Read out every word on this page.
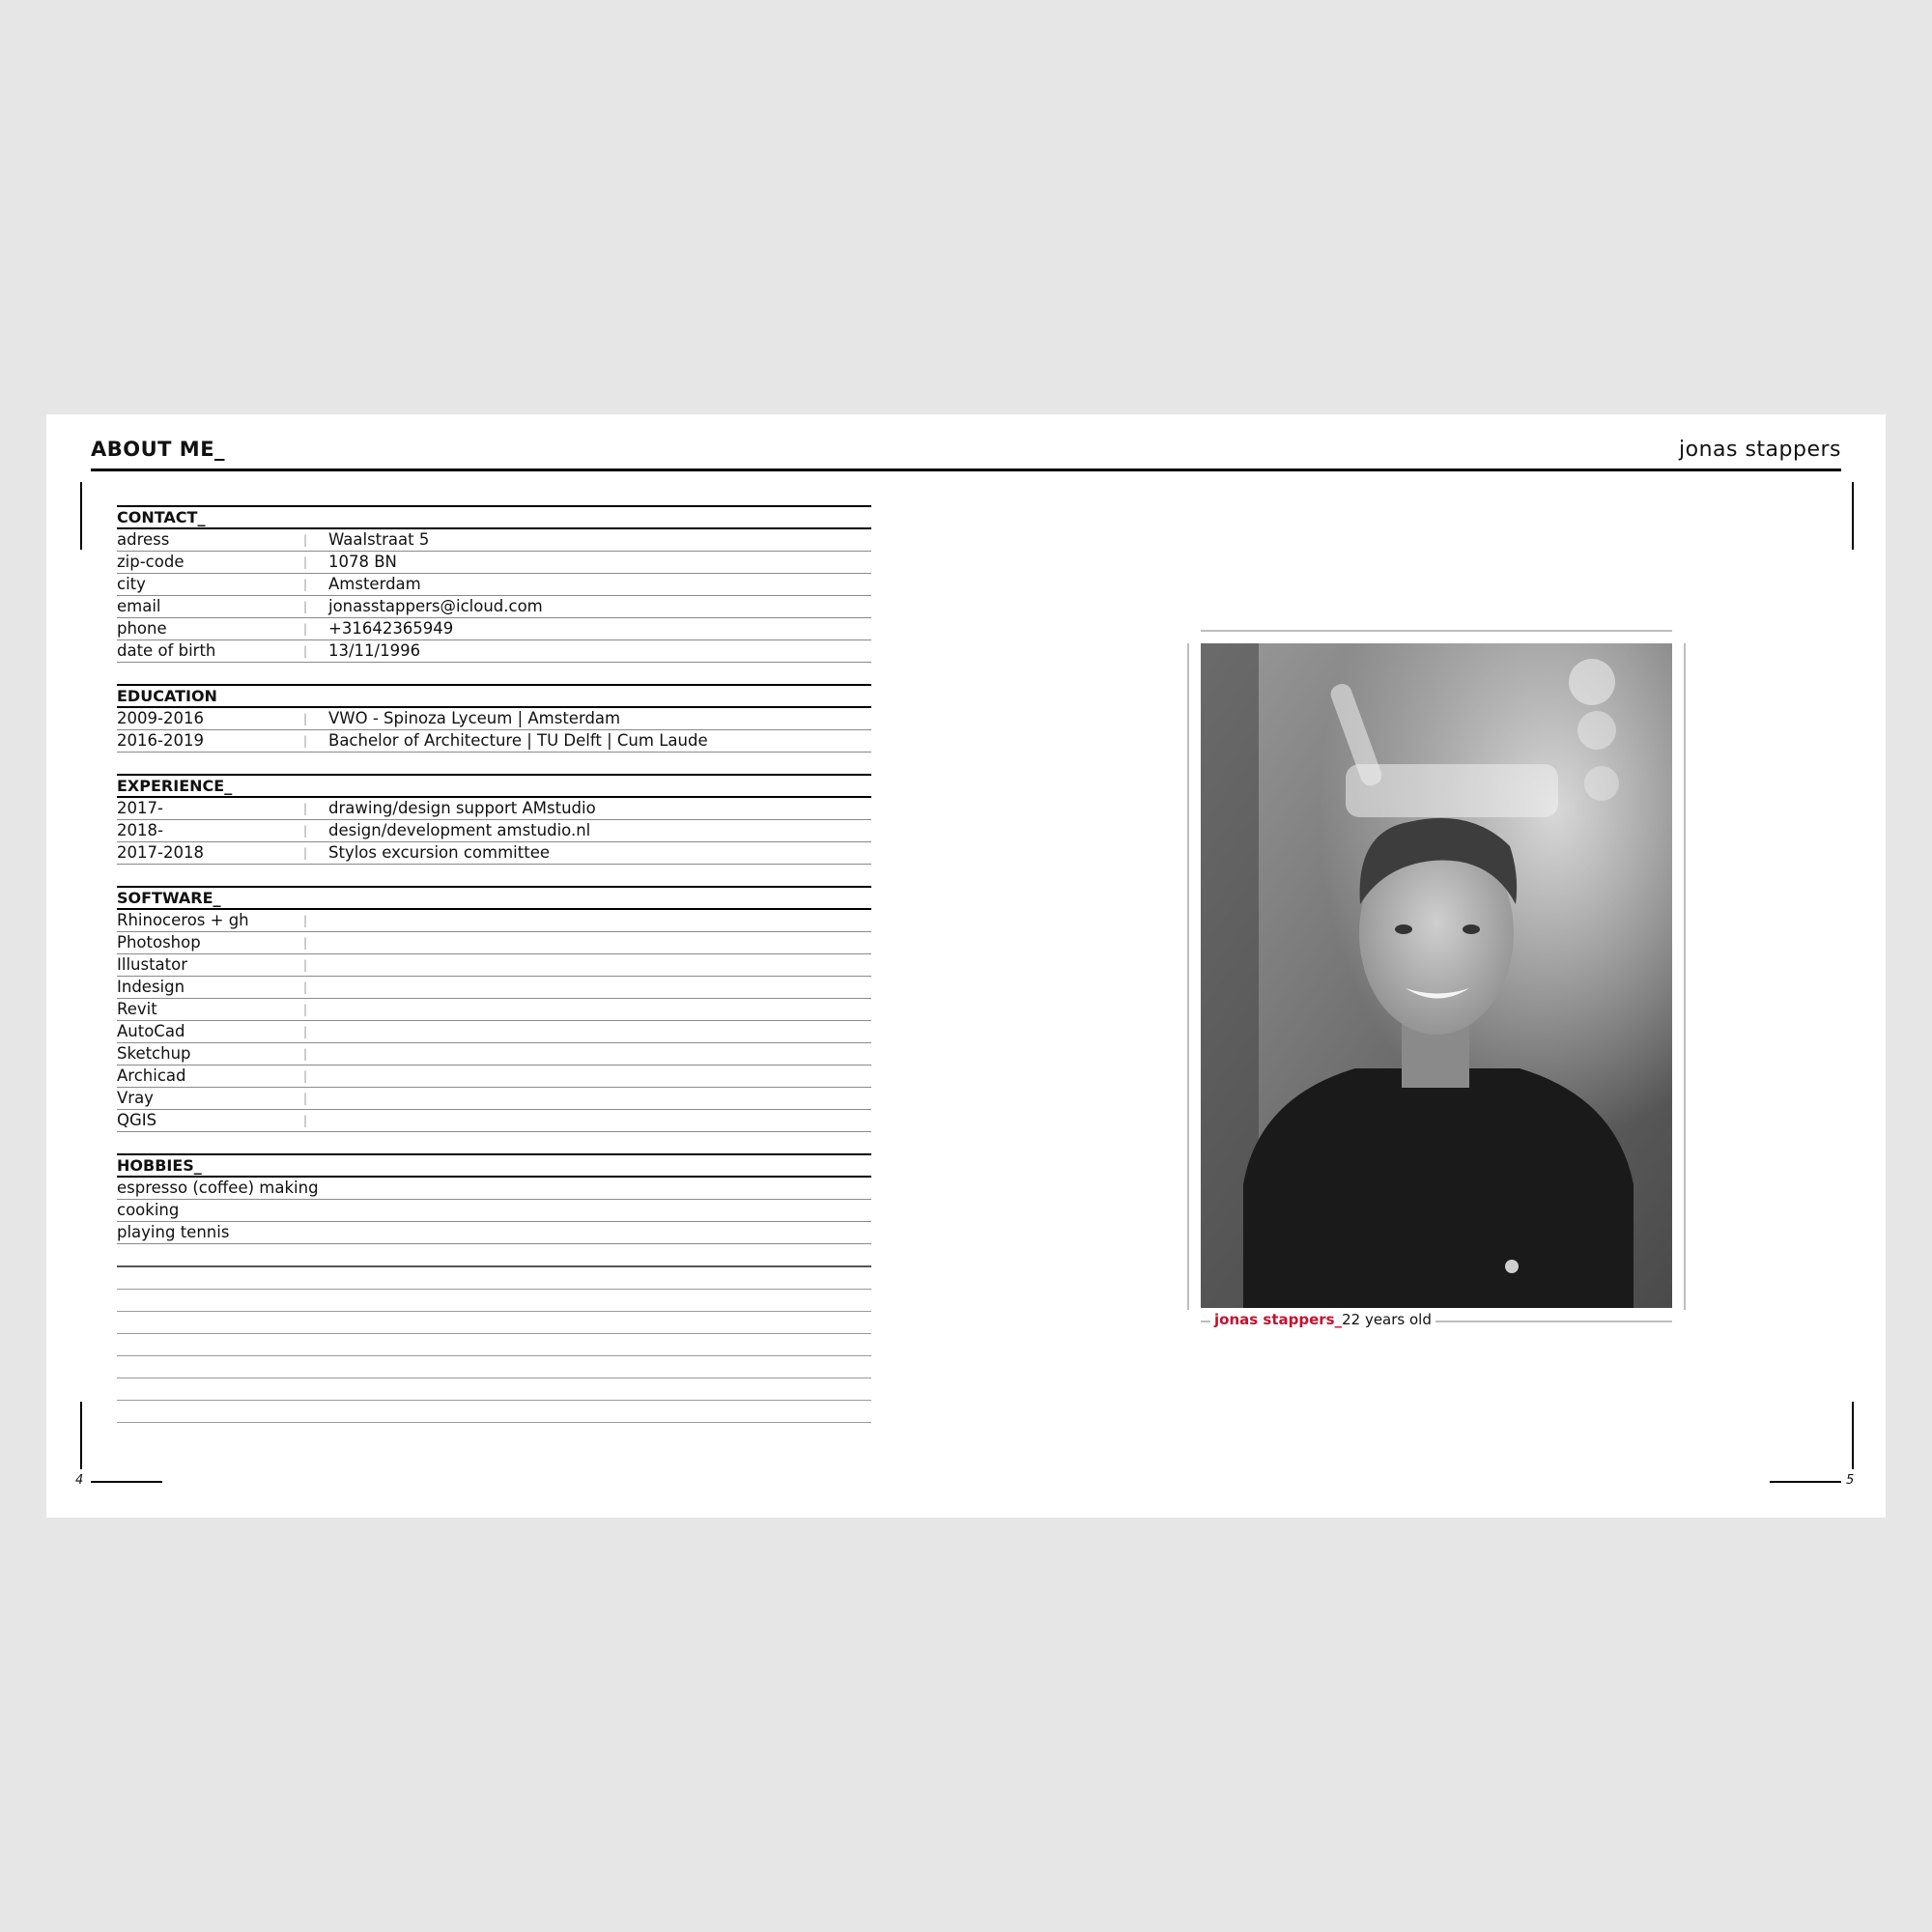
ABOUT ME_	jonas stappers
4	5
CONTACT_
adress	| Waalstraat 5
zip-code	| 1078 BN
city	| Amsterdam
email	| jonasstappers@icloud.com
phone	| +31642365949
date of birth	| 13/11/1996
EDUCATION
2009-2016	| VWO - Spinoza Lyceum | Amsterdam
2016-2019	| Bachelor of Architecture | TU Delft | Cum Laude
EXPERIENCE_
2017-	| drawing/design support AMstudio
2018-	| design/development amstudio.nl
2017-2018	| Stylos excursion committee
SOFTWARE_
Rhinoceros + gh	|
Photoshop	|
Illustator	|
Indesign	|
Revit	|
AutoCad	|
Sketchup	|
Archicad	|
Vray	|
QGIS	|
HOBBIES_
espresso (coffee) making
cooking
playing tennis
jonas stappers_22 years old
